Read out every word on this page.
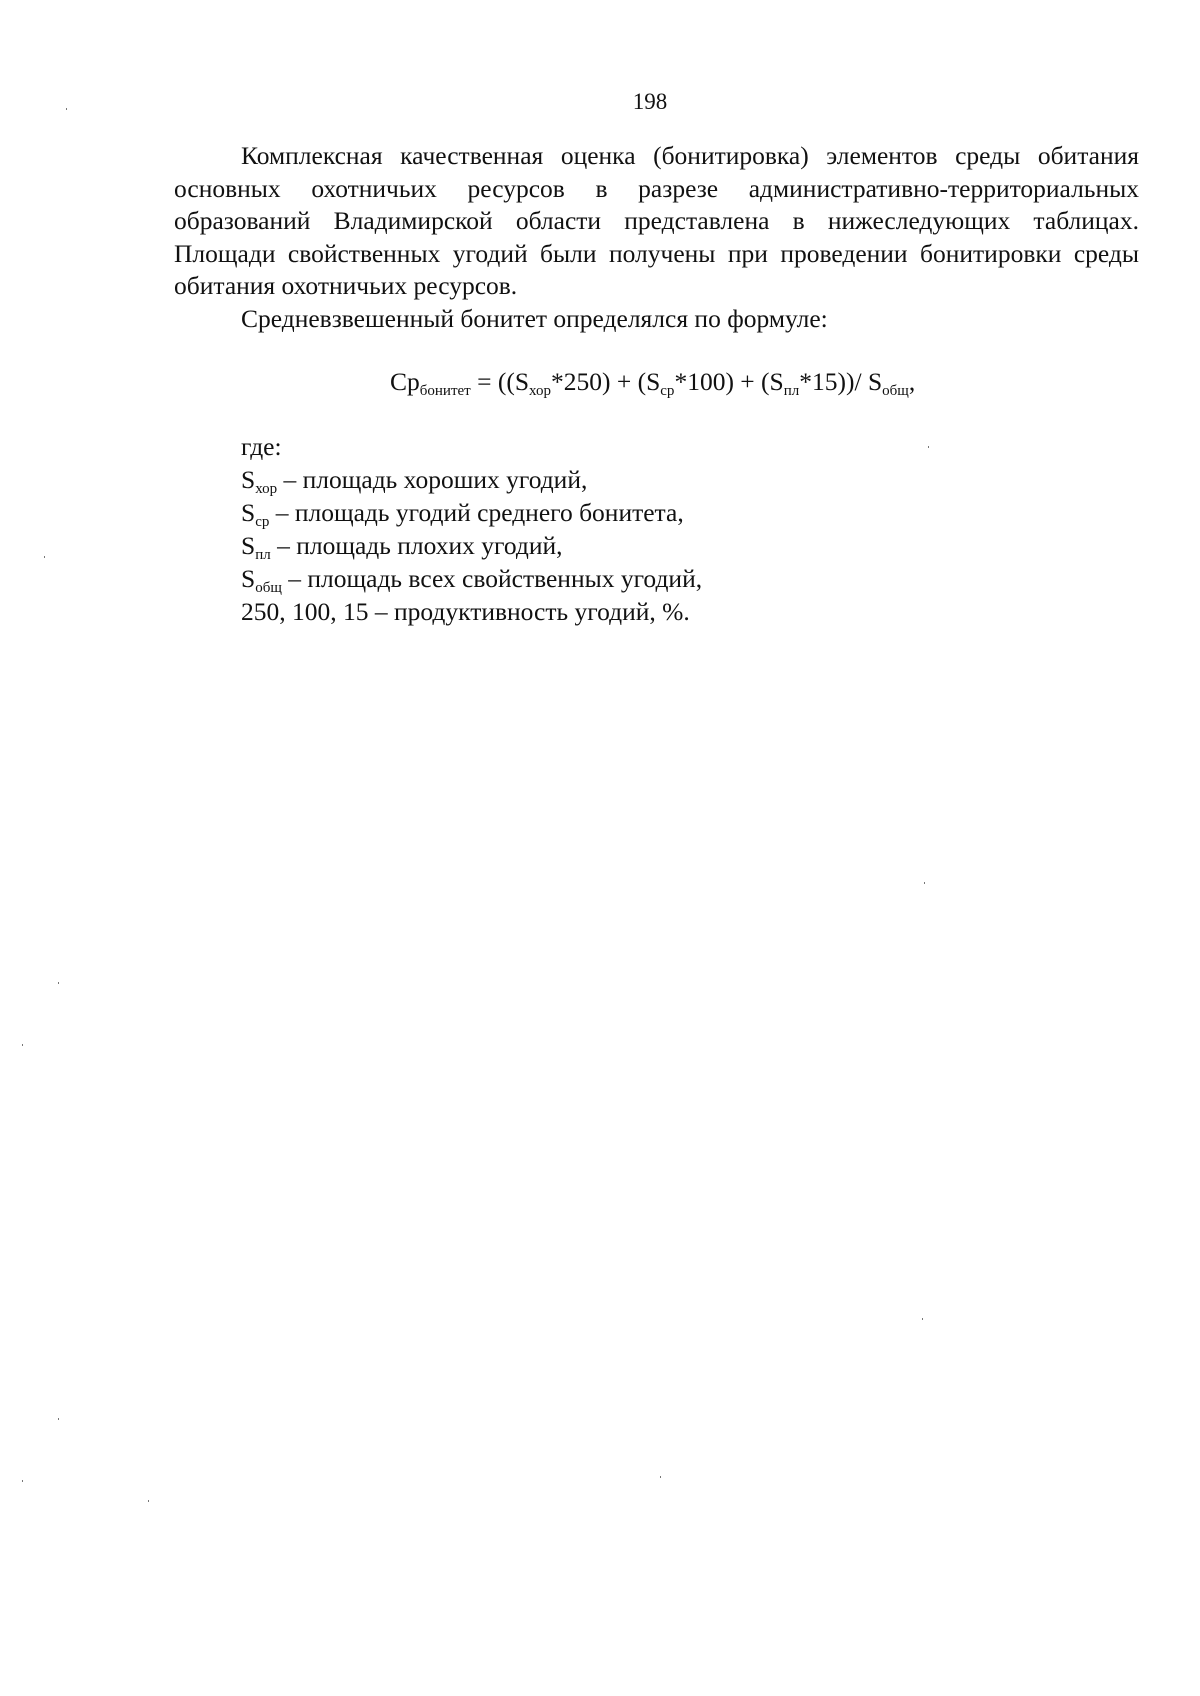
198

Комплексная качественная оценка (бонитировка) элементов среды обитания основных охотничьих ресурсов в разрезе административно-территориальных образований Владимирской области представлена в нижеследующих таблицах. Площади свойственных угодий были получены при проведении бонитировки среды обитания охотничьих ресурсов.

Средневзвешенный бонитет определялся по формуле:

$Ср_{бонитет} = ((S_{хор}*250) + (S_{ср}*100) + (S_{пл}*15))/$ $S_{общ}$,
где:
$S_{хор}$ – площадь хороших угодий,
$S_{ср}$ – площадь угодий среднего бонитета,
$S_{пл}$ – площадь плохих угодий,
$S_{общ}$ – площадь всех свойственных угодий,
250, 100, 15 – продуктивность угодий, %.
